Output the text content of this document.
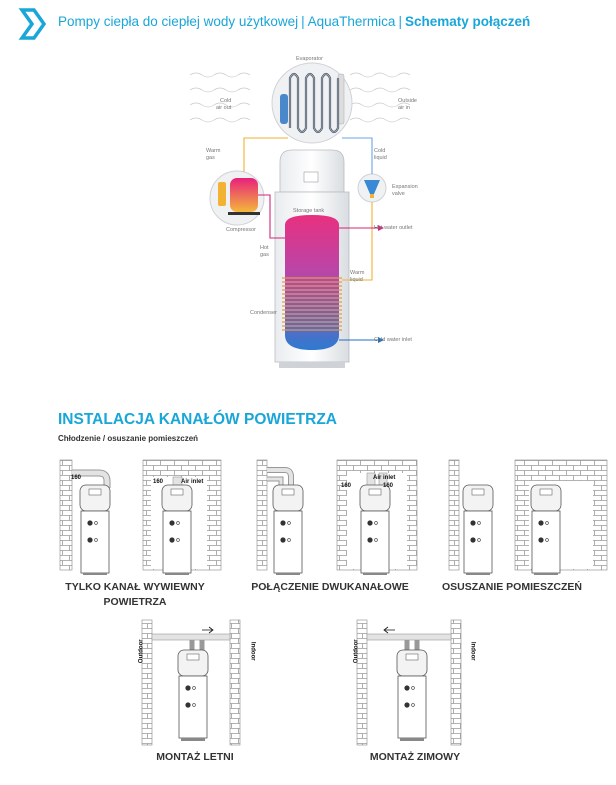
Pompy ciepła do ciepłej wody użytkowej | AquaThermica | Schematy połączeń
Evaporator
Cold
air out
Outside
air in
Warm
gas
Cold
liquid
Compressor
Expansion
valve
Storage tank
Hot water outlet
Hot
gas
Warm
liquid
Condenser
Cold water inlet
INSTALACJA KANAŁÓW POWIETRZA
Chłodzenie / osuszanie pomieszczeń
160
160	Air inlet
Air inlet
160	160
TYLKO KANAŁ WYWIEWNY
POWIETRZA
POŁĄCZENIE DWUKANAŁOWE	OSUSZANIE POMIESZCZEŃ
Outdoor	Indoor	Outdoor	Indoor
MONTAŻ LETNI	MONTAŻ ZIMOWY
